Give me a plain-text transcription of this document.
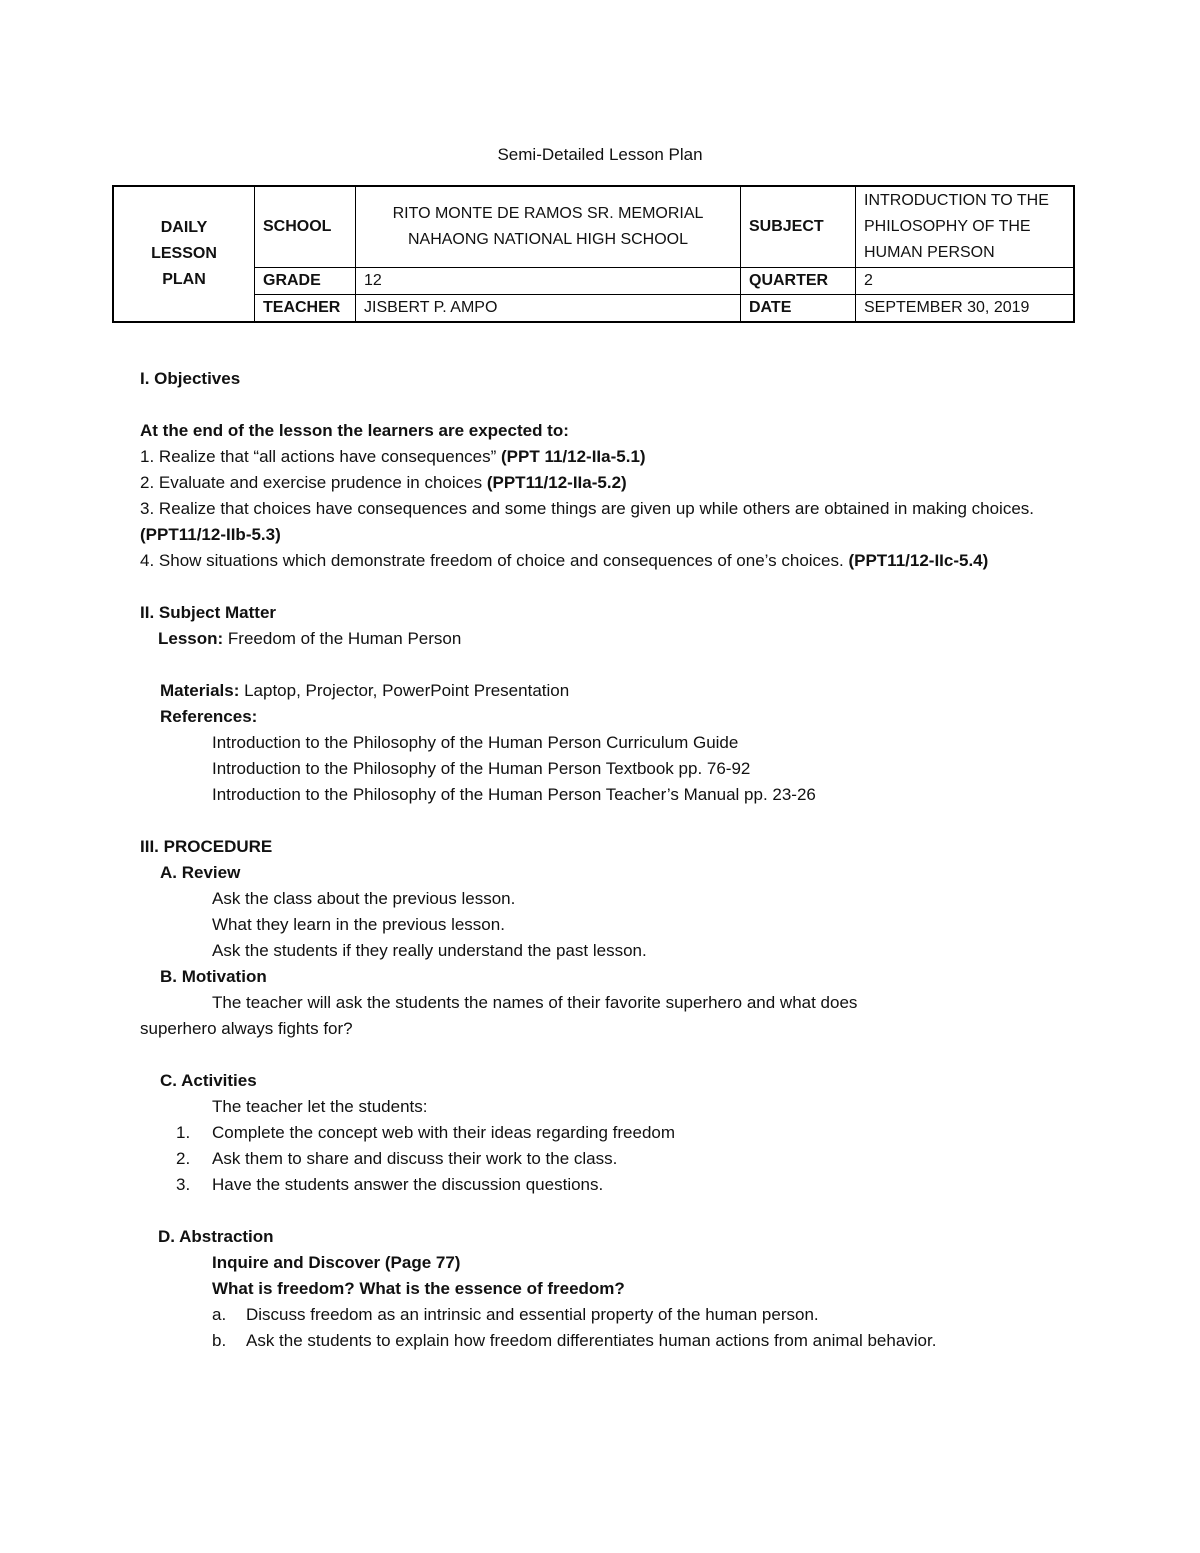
Semi-Detailed Lesson Plan
DAILY LESSON PLAN	SCHOOL	RITO MONTE DE RAMOS SR. MEMORIAL NAHAONG NATIONAL HIGH SCHOOL	SUBJECT	INTRODUCTION TO THE PHILOSOPHY OF THE HUMAN PERSON
	GRADE	12	QUARTER	2
	TEACHER	JISBERT P. AMPO	DATE	SEPTEMBER 30, 2019

I. Objectives

At the end of the lesson the learners are expected to:

1. Realize that “all actions have consequences” (PPT 11/12-IIa-5.1)

2. Evaluate and exercise prudence in choices (PPT11/12-IIa-5.2)

3. Realize that choices have consequences and some things are given up while others are obtained in making choices. (PPT11/12-IIb-5.3)

4. Show situations which demonstrate freedom of choice and consequences of one’s choices. (PPT11/12-IIc-5.4)

II. Subject Matter

Lesson: Freedom of the Human Person

Materials: Laptop, Projector, PowerPoint Presentation

References:

Introduction to the Philosophy of the Human Person Curriculum Guide

Introduction to the Philosophy of the Human Person Textbook pp. 76-92

Introduction to the Philosophy of the Human Person Teacher’s Manual pp. 23-26

III. PROCEDURE

A. Review

Ask the class about the previous lesson.

What they learn in the previous lesson.

Ask the students if they really understand the past lesson.

B. Motivation

The teacher will ask the students the names of their favorite superhero and what does

superhero always fights for?

C. Activities

The teacher let the students:

1.	Complete the concept web with their ideas regarding freedom
2.	Ask them to share and discuss their work to the class.
3.	Have the students answer the discussion questions.

D. Abstraction

Inquire and Discover (Page 77)

What is freedom? What is the essence of freedom?

a.	Discuss freedom as an intrinsic and essential property of the human person.
b.	Ask the students to explain how freedom differentiates human actions from animal behavior.
